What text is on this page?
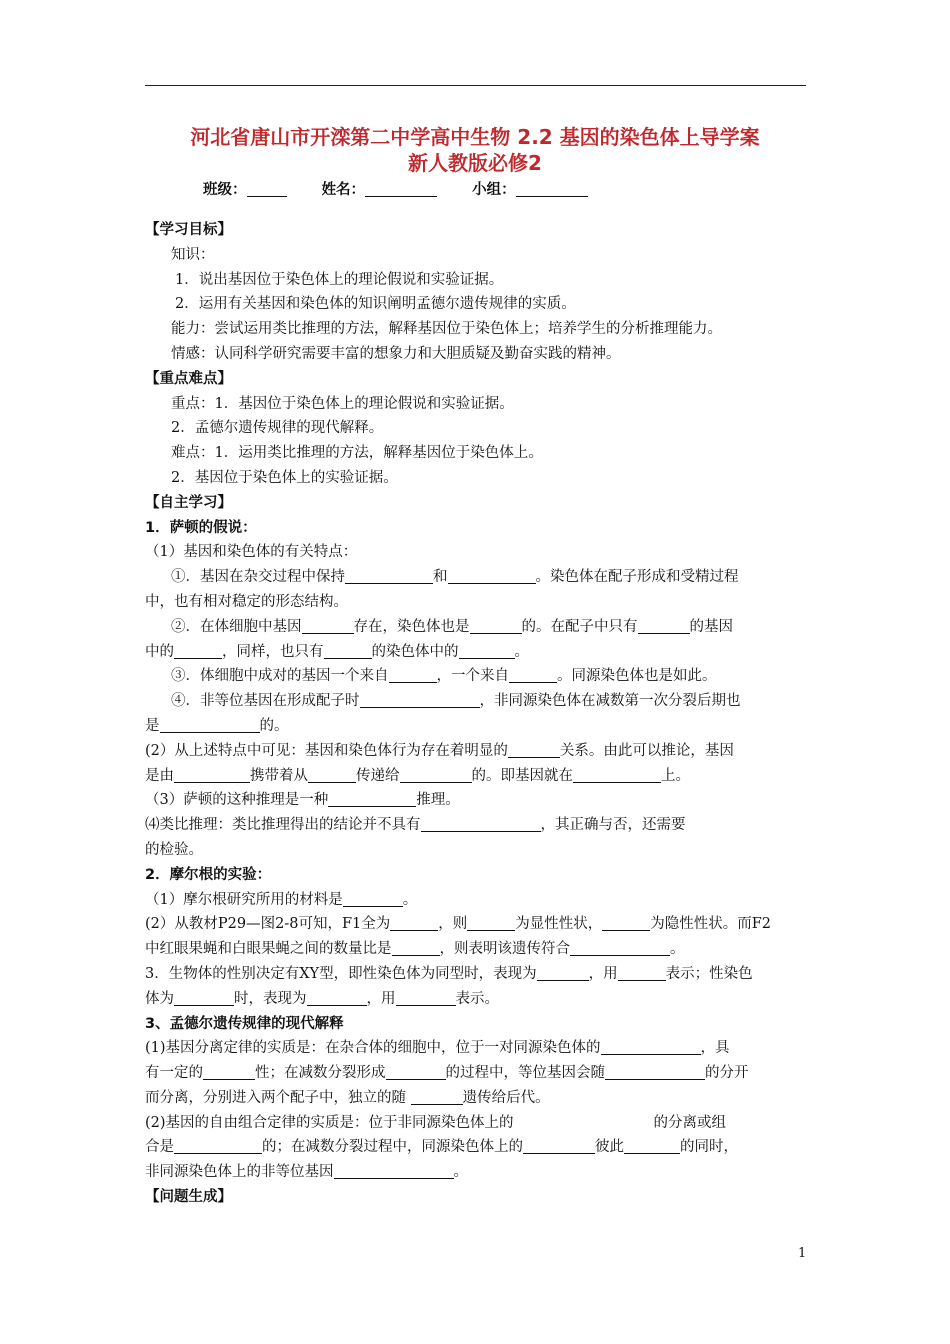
河北省唐山市开滦第二中学高中生物 2.2 基因的染色体上导学案
新人教版必修2
班级：	姓名：	小组：
【学习目标】
知识：
1．说出基因位于染色体上的理论假说和实验证据。
2．运用有关基因和染色体的知识阐明孟德尔遗传规律的实质。
能力：尝试运用类比推理的方法，解释基因位于染色体上；培养学生的分析推理能力。
情感：认同科学研究需要丰富的想象力和大胆质疑及勤奋实践的精神。
【重点难点】
重点：1．基因位于染色体上的理论假说和实验证据。
2．孟德尔遗传规律的现代解释。
难点：1．运用类比推理的方法，解释基因位于染色体上。
2．基因位于染色体上的实验证据。
【自主学习】
1．萨顿的假说：
（1）基因和染色体的有关特点：
①．基因在杂交过程中保持	和	。染色体在配子形成和受精过程
中，也有相对稳定的形态结构。
②．在体细胞中基因	存在，染色体也是	的。在配子中只有	的基因
中的	，同样，也只有	的染色体中的	。
③．体细胞中成对的基因一个来自	，一个来自	。同源染色体也是如此。
④．非等位基因在形成配子时	，非同源染色体在减数第一次分裂后期也
是	的。
(2）从上述特点中可见：基因和染色体行为存在着明显的	关系。由此可以推论，基因
是由	携带着从	传递给	的。即基因就在	上。
（3）萨顿的这种推理是一种	推理。
⑷类比推理：类比推理得出的结论并不具有	，其正确与否，还需要
的检验。
2．摩尔根的实验：
（1）摩尔根研究所用的材料是	。
(2）从教材P29—图2-8可知，F1全为	，则	为显性性状，	为隐性性状。而F2
中红眼果蝇和白眼果蝇之间的数量比是	，则表明该遗传符合	。
3．生物体的性别决定有XY型，即性染色体为同型时，表现为	，用	表示；性染色
体为	时，表现为	，用	表示。
3、孟德尔遗传规律的现代解释
(1)基因分离定律的实质是：在杂合体的细胞中，位于一对同源染色体的	，具
有一定的	性；在减数分裂形成	的过程中，等位基因会随	的分开
而分离，分别进入两个配子中，独立的随	遗传给后代。
(2)基因的自由组合定律的实质是：位于非同源染色体上的	的分离或组
合是	的；在减数分裂过程中，同源染色体上的	彼此	的同时，
非同源染色体上的非等位基因	。
【问题生成】
1
